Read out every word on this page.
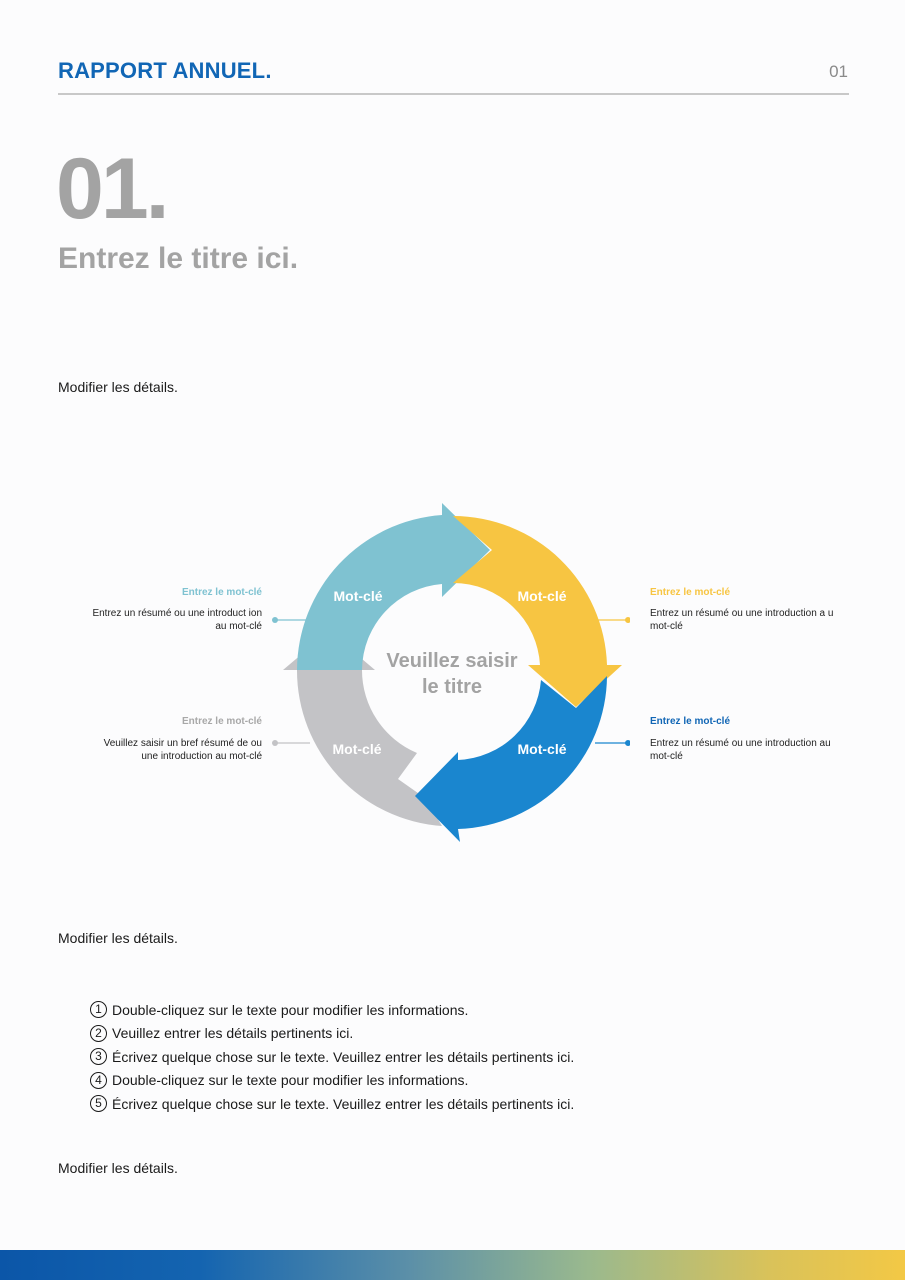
RAPPORT ANNUEL.	01
01.
Entrez le titre ici.
Modifier les détails.
Mot-clé	Mot-clé
Mot-clé
Mot-clé
Veuillez saisir
le titre
Entrez le mot-clé
Entrez un résumé ou une introduct ion au mot-clé
Entrez le mot-clé
Veuillez saisir un bref résumé de ou une introduction au mot-clé
Entrez le mot-clé
Entrez un résumé ou une introduction a u mot-clé
Entrez le mot-clé
Entrez un résumé ou une introduction au mot-clé
Modifier les détails.
1 Double-cliquez sur le texte pour modifier les informations.
2 Veuillez entrer les détails pertinents ici.
3 Écrivez quelque chose sur le texte. Veuillez entrer les détails pertinents ici.
4 Double-cliquez sur le texte pour modifier les informations.
5 Écrivez quelque chose sur le texte. Veuillez entrer les détails pertinents ici.
Modifier les détails.
